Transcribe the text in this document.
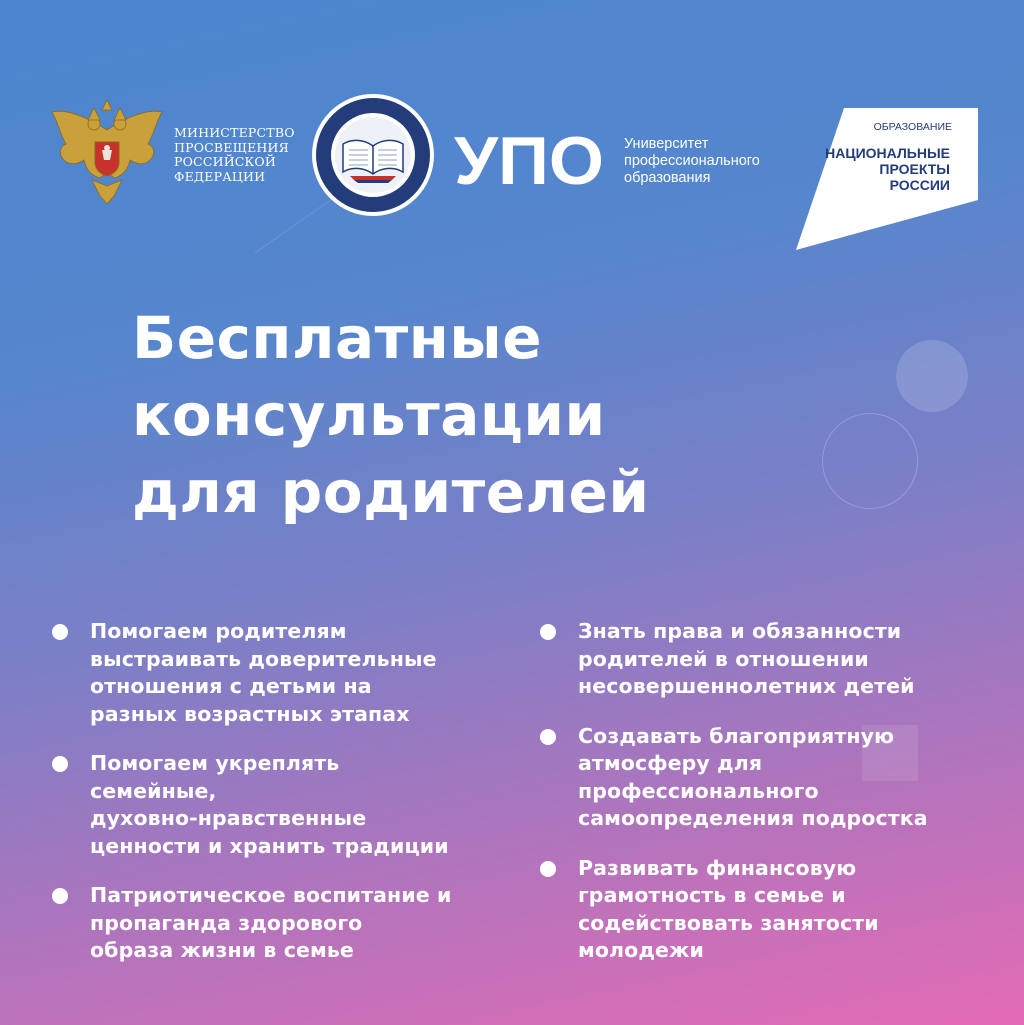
МИНИСТЕРСТВО
ПРОСВЕЩЕНИЯ
РОССИЙСКОЙ
ФЕДЕРАЦИИ	УПО Университет
профессионального
образования
ОБРАЗОВАНИЕ
НАЦИОНАЛЬНЫЕ
ПРОЕКТЫ
РОССИИ
Бесплатные
консультации
для родителей
Помогаем родителям
выстраивать доверительные
отношения с детьми на
разных возрастных этапах
Помогаем укреплять
семейные,
духовно-нравственные
ценности и хранить традиции
Патриотическое воспитание и
пропаганда здорового
образа жизни в семье
Знать права и обязанности
родителей в отношении
несовершеннолетних детей
Создавать благоприятную
атмосферу для
профессионального
самоопределения подростка
Развивать финансовую
грамотность в семье и
содействовать занятости
молодежи
